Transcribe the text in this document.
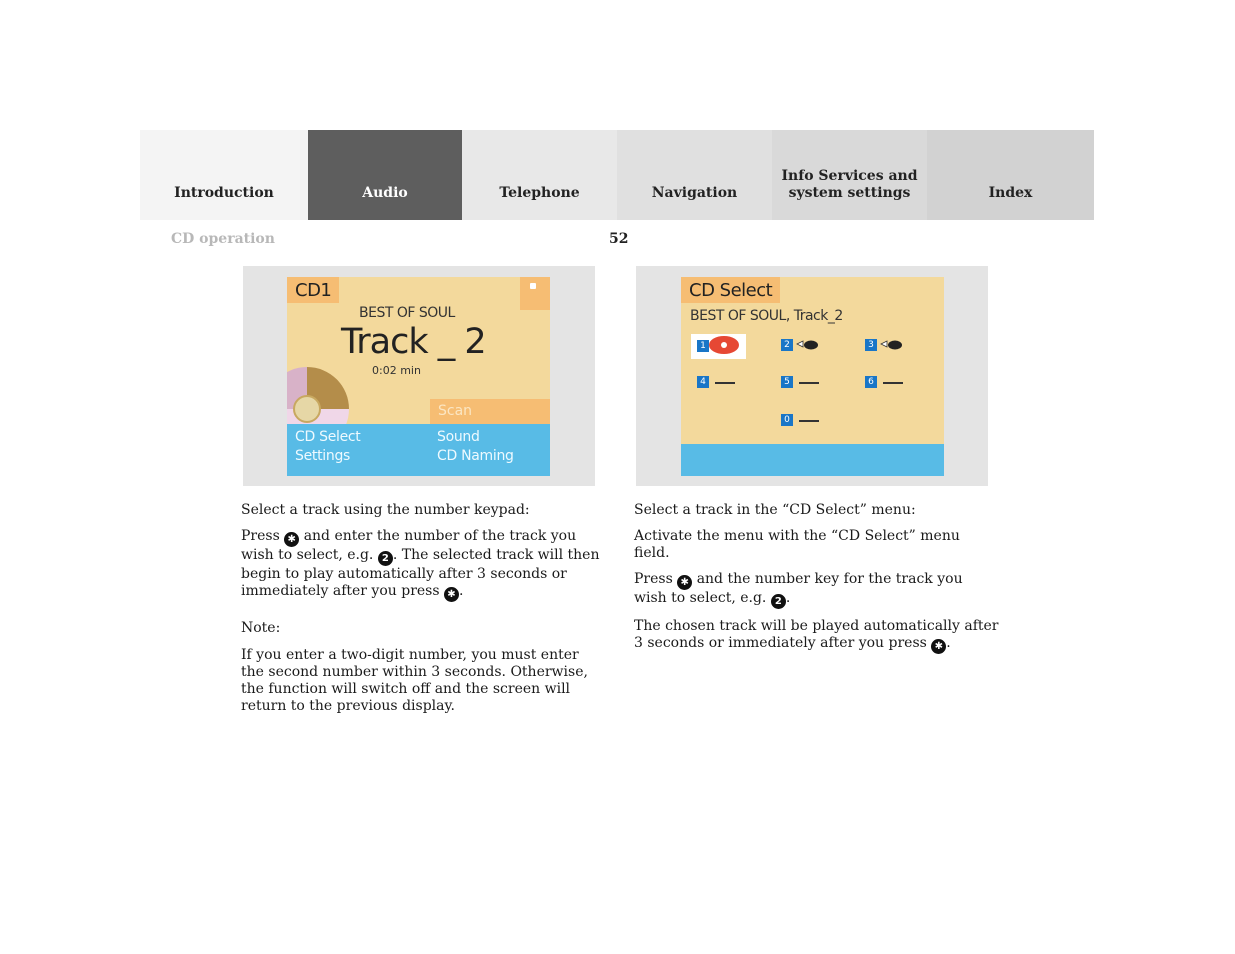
Introduction	Audio	Telephone	Navigation
Info Services and
system settings	Index
CD operation	52
CD1
BEST OF SOUL
Track _ 2
0:02 min
Scan
CD Select
Settings
Sound
CD Naming
CD Select
BEST OF SOUL, Track_2
1	2	3
4	5	6
0

Select a track using the number keypad:

Press ✱ and enter the number of the track you wish to select, e.g. 2 . The selected track will then begin to play automatically after 3 seconds or immediately after you press ✱ .

Note:

If you enter a two-digit number, you must enter the second number within 3 seconds. Otherwise, the function will switch off and the screen will return to the previous display.

Select a track in the “CD Select” menu:

Activate the menu with the “CD Select” menu field.

Press ✱ and the number key for the track you wish to select, e.g. 2 .

The chosen track will be played automatically after 3 seconds or immediately after you press ✱ .
